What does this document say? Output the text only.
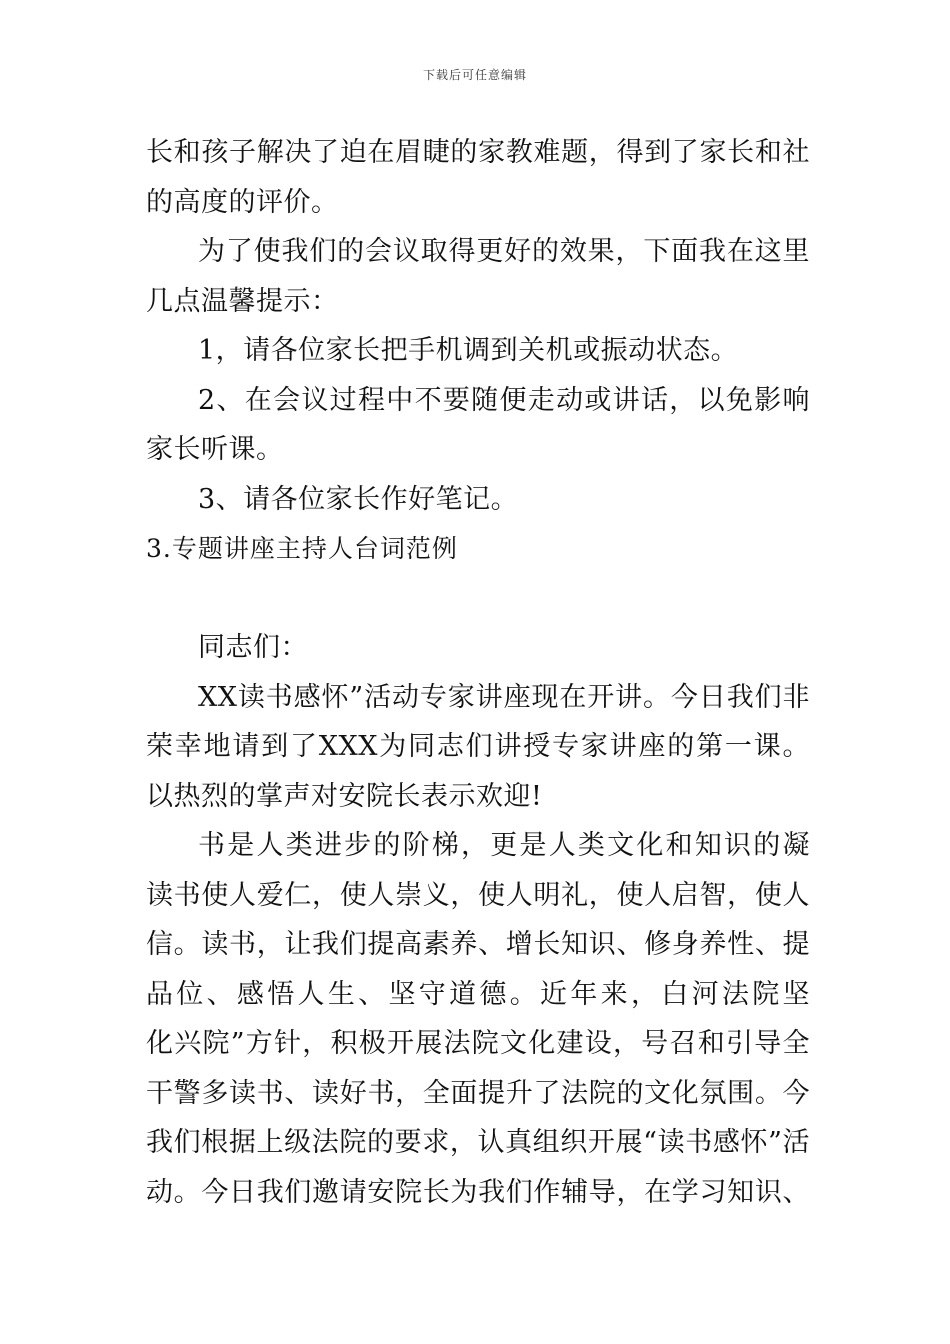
下载后可任意编辑
长和孩子解决了迫在眉睫的家教难题，得到了家长和社
的高度的评价。
为了使我们的会议取得更好的效果，下面我在这里
几点温馨提示：
1，请各位家长把手机调到关机或振动状态。
2、在会议过程中不要随便走动或讲话，以免影响
家长听课。
3、请各位家长作好笔记。
3.专题讲座主持人台词范例
同志们：
XX读书感怀”活动专家讲座现在开讲。今日我们非
荣幸地请到了XXX为同志们讲授专家讲座的第一课。
以热烈的掌声对安院长表示欢迎!
书是人类进步的阶梯，更是人类文化和知识的凝
读书使人爱仁，使人崇义，使人明礼，使人启智，使人
信。读书，让我们提高素养、增长知识、修身养性、提
品位、感悟人生、坚守道德。近年来，白河法院坚
化兴院”方针，积极开展法院文化建设，号召和引导全
干警多读书、读好书，全面提升了法院的文化氛围。今
我们根据上级法院的要求，认真组织开展“读书感怀”活
动。今日我们邀请安院长为我们作辅导，在学习知识、
